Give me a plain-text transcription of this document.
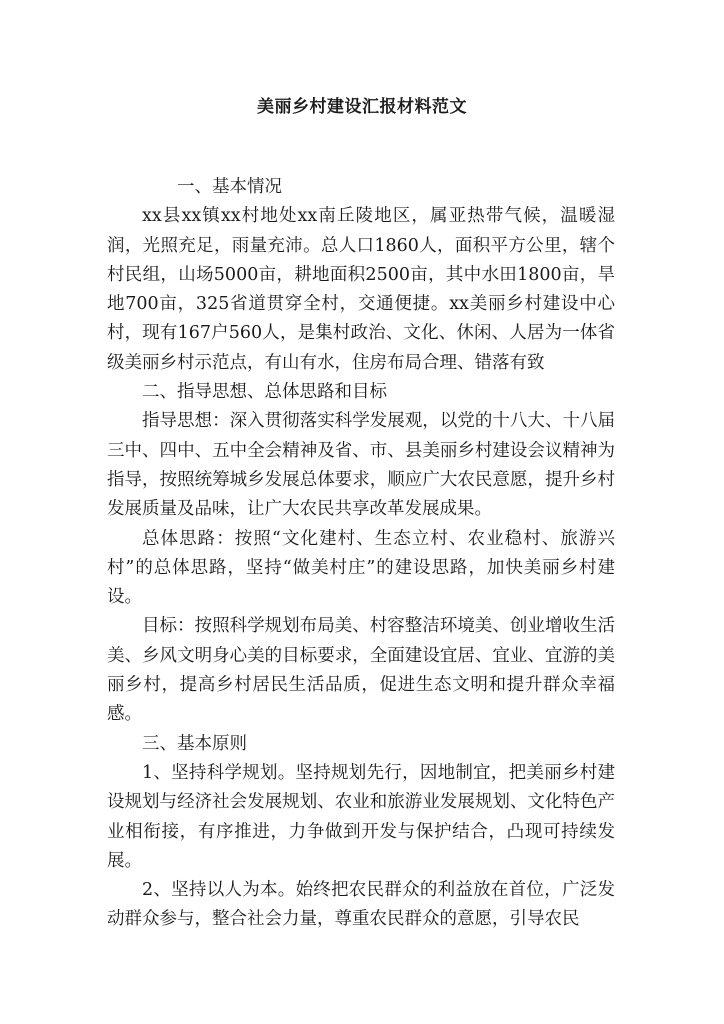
美丽乡村建设汇报材料范文

一、基本情况

xx县xx镇xx村地处xx南丘陵地区，属亚热带气候，温暖湿润，光照充足，雨量充沛。总人口1860人，面积平方公里，辖个村民组，山场5000亩，耕地面积2500亩，其中水田1800亩，旱地700亩，325省道贯穿全村，交通便捷。xx美丽乡村建设中心村，现有167户560人，是集村政治、文化、休闲、人居为一体省级美丽乡村示范点，有山有水，住房布局合理、错落有致

二、指导思想、总体思路和目标

指导思想：深入贯彻落实科学发展观，以党的十八大、十八届三中、四中、五中全会精神及省、市、县美丽乡村建设会议精神为指导，按照统筹城乡发展总体要求，顺应广大农民意愿，提升乡村发展质量及品味，让广大农民共享改革发展成果。

总体思路：按照“文化建村、生态立村、农业稳村、旅游兴村”的总体思路，坚持“做美村庄”的建设思路，加快美丽乡村建设。

目标：按照科学规划布局美、村容整洁环境美、创业增收生活美、乡风文明身心美的目标要求，全面建设宜居、宜业、宜游的美丽乡村，提高乡村居民生活品质，促进生态文明和提升群众幸福感。

三、基本原则

1、坚持科学规划。坚持规划先行，因地制宜，把美丽乡村建设规划与经济社会发展规划、农业和旅游业发展规划、文化特色产业相衔接，有序推进，力争做到开发与保护结合，凸现可持续发展。

2、坚持以人为本。始终把农民群众的利益放在首位，广泛发动群众参与，整合社会力量，尊重农民群众的意愿，引导农民
